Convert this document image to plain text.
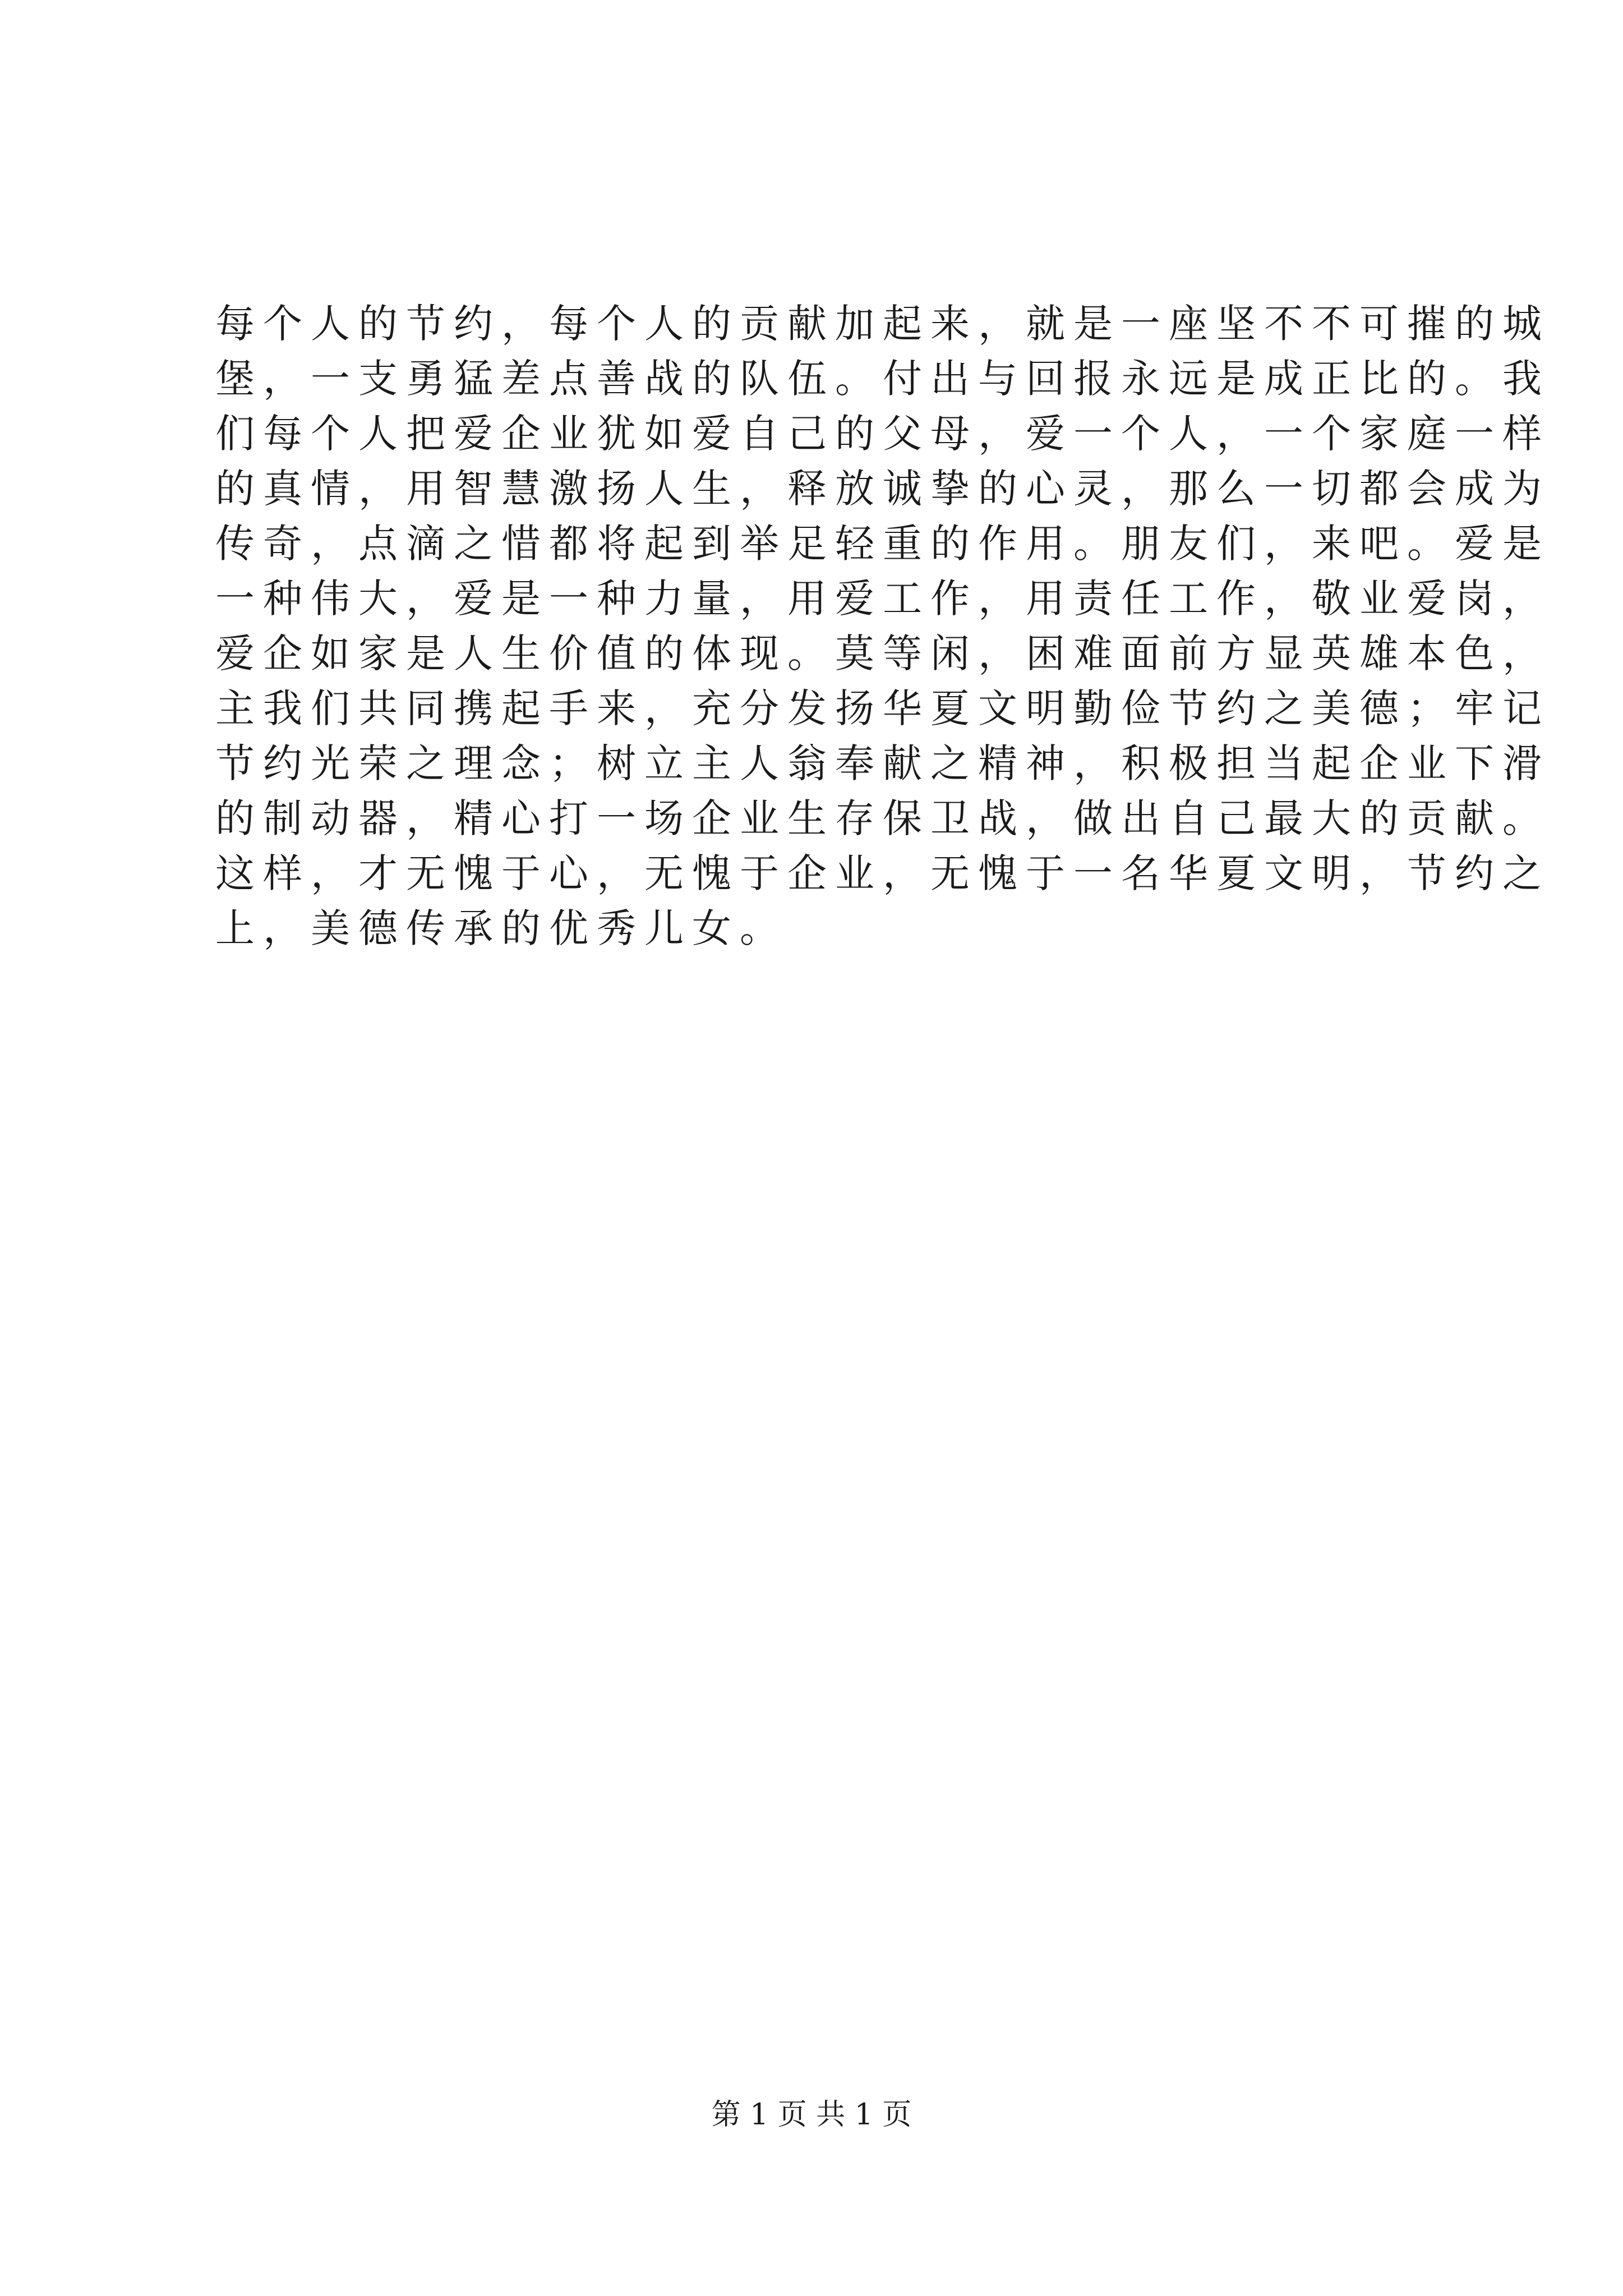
每个人的节约，每个人的贡献加起来，就是一座坚不不可摧的城
堡，一支勇猛差点善战的队伍。付出与回报永远是成正比的。我
们每个人把爱企业犹如爱自己的父母，爱一个人，一个家庭一样
的真情，用智慧激扬人生，释放诚挚的心灵，那么一切都会成为
传奇，点滴之惜都将起到举足轻重的作用。朋友们，来吧。爱是
一种伟大，爱是一种力量，用爱工作，用责任工作，敬业爱岗，
爱企如家是人生价值的体现。莫等闲，困难面前方显英雄本色，
主我们共同携起手来，充分发扬华夏文明勤俭节约之美德；牢记
节约光荣之理念；树立主人翁奉献之精神，积极担当起企业下滑
的制动器，精心打一场企业生存保卫战，做出自己最大的贡献。
这样，才无愧于心，无愧于企业，无愧于一名华夏文明，节约之
上，美德传承的优秀儿女。
第 1 页 共 1 页
